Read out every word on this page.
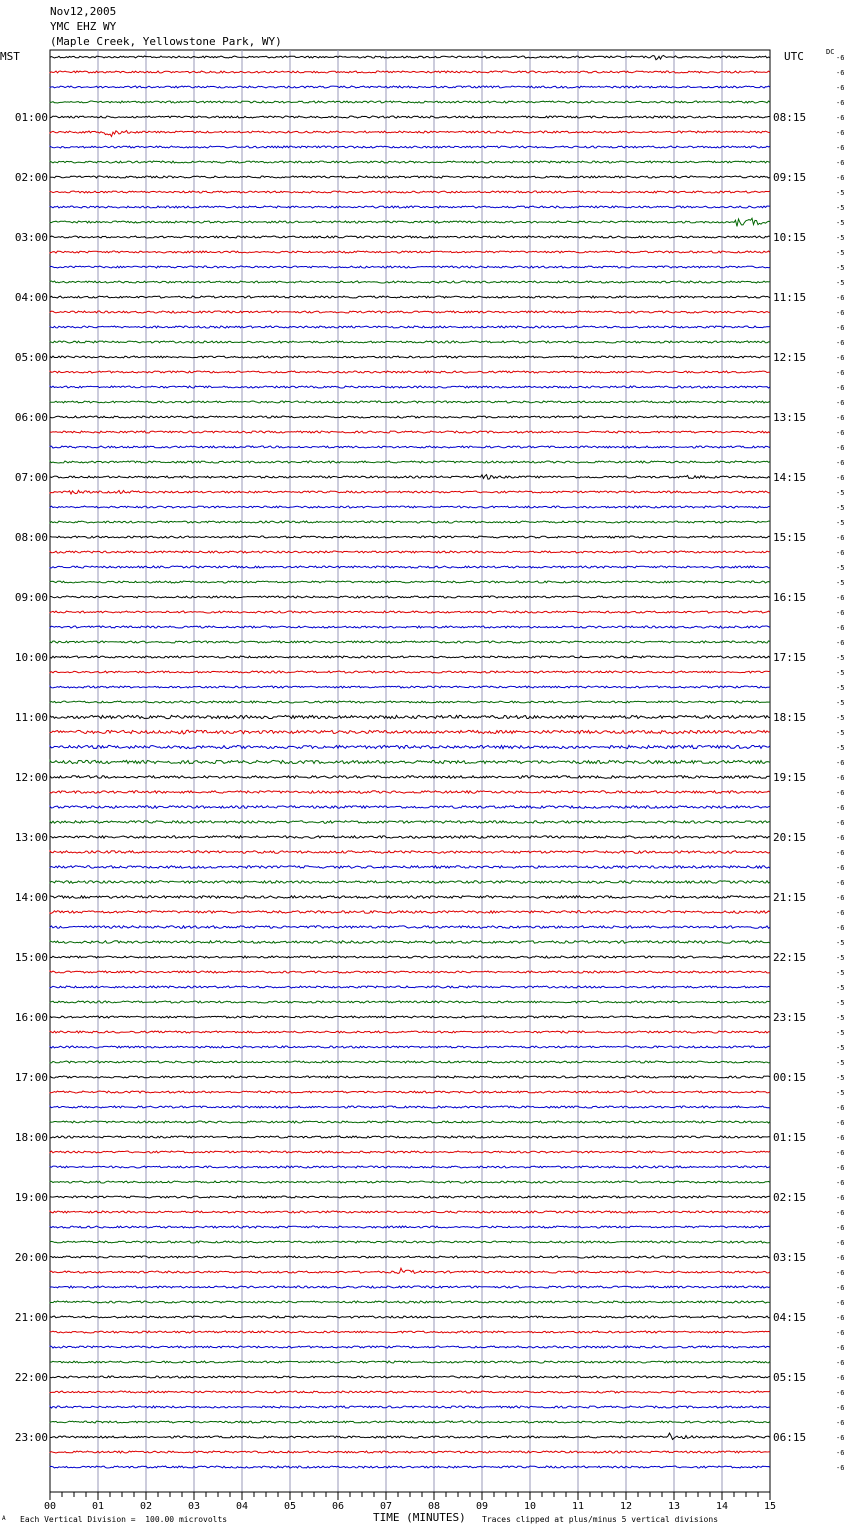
Nov12,2005
YMC EHZ WY
(Maple Creek, Yellowstone Park, WY)
MST	UTC	DC
-6
-6
-6
-6
-6
-6
-6
-6
-6
-5
-5
-5
-5
-5
-5
-5
-6
-6
-6
-6
-6
-6
-6
-6
-6
-6
-6
-6
-6
-5
-5
-5
-6
-6
-5
-5
-6
-6
-6
-6
-5
-5
-5
-5
-5
-5
-5
-6
-6
-6
-6
-6
-6
-6
-6
-6
-6
-6
-6
-5
-5
-5
-5
-5
-5
-5
-5
-5
-5
-5
-6
-6
-6
-6
-6
-6
-6
-6
-6
-6
-6
-6
-6
-6
-6
-6
-6
-6
-6
-6
-6
-6
-6
-6
-6
01:00
02:00
03:00
04:00
05:00
06:00
07:00
08:00
09:00
10:00
11:00
12:00
13:00
14:00
15:00
16:00
17:00
18:00
19:00
20:00
21:00
22:00
23:00
08:15
09:15
10:15
11:15
12:15
13:15
14:15
15:15
16:15
17:15
18:15
19:15
20:15
21:15
22:15
23:15
00:15
01:15
02:15
03:15
04:15
05:15
06:15
00	01	02	03	04	05	06	07	08	09	10	11	12	13	14	15
TIME (MINUTES)
Each Vertical Division =  100.00 microvolts	Traces clipped at plus/minus 5 vertical divisions
A
